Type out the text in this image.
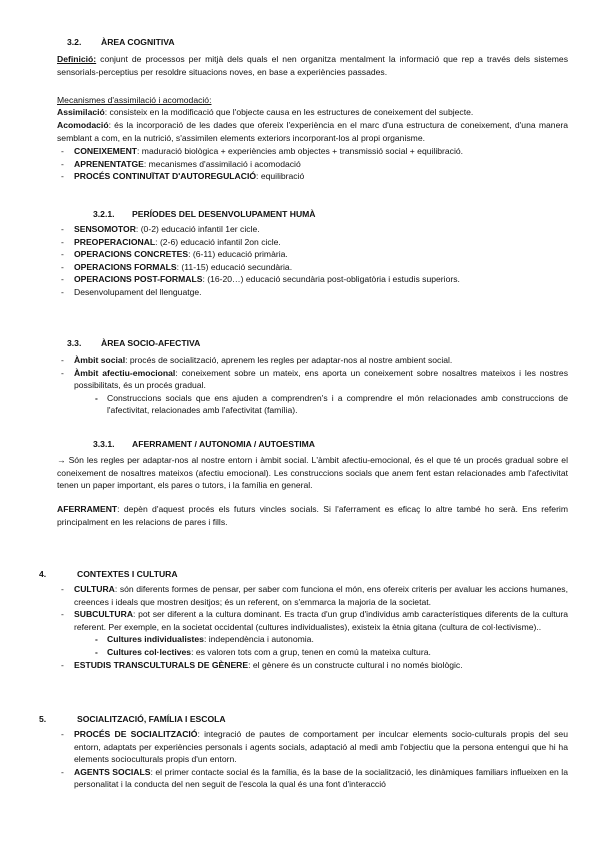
3.2. ÀREA COGNITIVA

Definició: conjunt de processos per mitjà dels quals el nen organitza mentalment la informació que rep a través dels sistemes sensorials-perceptius per resoldre situacions noves, en base a experiències passades.

Mecanismes d'assimilació i acomodació:

Assimilació: consisteix en la modificació que l'objecte causa en les estructures de coneixement del subjecte.

Acomodació: és la incorporació de les dades que ofereix l'experiència en el marc d'una estructura de coneixement, d'una manera semblant a com, en la nutrició, s'assimilen elements exteriors incorporant-los al propi organisme.

- CONEIXEMENT: maduració biològica + experiències amb objectes + transmissió social + equilibració.
- APRENENTATGE: mecanismes d'assimilació i acomodació
- PROCÉS CONTINUÏTAT D'AUTOREGULACIÓ: equilibració
3.2.1. PERÍODES DEL DESENVOLUPAMENT HUMÀ
- SENSOMOTOR: (0-2) educació infantil 1er cicle.
- PREOPERACIONAL: (2-6) educació infantil 2on cicle.
- OPERACIONS CONCRETES: (6-11) educació primària.
- OPERACIONS FORMALS: (11-15) educació secundària.
- OPERACIONS POST-FORMALS: (16-20…) educació secundària post-obligatòria i estudis superiors.
- Desenvolupament del llenguatge.
3.3. ÀREA SOCIO-AFECTIVA
- Àmbit social: procés de socialització, aprenem les regles per adaptar-nos al nostre ambient social.
- Àmbit afectiu-emocional: coneixement sobre un mateix, ens aporta un coneixement sobre nosaltres mateixos i les nostres possibilitats, és un procés gradual.
- Construccions socials que ens ajuden a comprendren's i a comprendre el món relacionades amb construccions de l'afectivitat, relacionades amb l'afectivitat (família).
3.3.1. AFERRAMENT / AUTONOMIA / AUTOESTIMA

→ Són les regles per adaptar-nos al nostre entorn i àmbit social. L'àmbit afectiu-emocional, és el que té un procés gradual sobre el coneixement de nosaltres mateixos (afectiu emocional). Les construccions socials que anem fent estan relacionades amb l'afectivitat tenen un paper important, els pares o tutors, i la família en general.

AFERRAMENT: depèn d'aquest procés els futurs vincles socials. Si l'aferrament es eficaç lo altre també ho serà. Ens referim principalment en les relacions de pares i fills.

4.	CONTEXTES I CULTURA
- CULTURA: són diferents formes de pensar, per saber com funciona el món, ens ofereix criteris per avaluar les accions humanes, creences i ideals que mostren desitjos; és un referent, on s'emmarca la majoria de la societat.
- SUBCULTURA: pot ser diferent a la cultura dominant. Es tracta d'un grup d'individus amb característiques diferents de la cultura referent. Per exemple, en la societat occidental (cultures individualistes), existeix la ètnia gitana (cultura de col·lectivisme)..
- Cultures individualistes: independència i autonomia.
- Cultures col·lectives: es valoren tots com a grup, tenen en comú la mateixa cultura.
- ESTUDIS TRANSCULTURALS DE GÈNERE: el gènere és un constructe cultural i no només biològic.
5.	SOCIALITZACIÓ, FAMÍLIA I ESCOLA
- PROCÉS DE SOCIALITZACIÓ: integració de pautes de comportament per inculcar elements socio-culturals propis del seu entorn, adaptats per experiències personals i agents socials, adaptació al medi amb l'objectiu que la persona entengui que hi ha elements socioculturals propis d'un entorn.
- AGENTS SOCIALS: el primer contacte social és la família, és la base de la socialització, les dinàmiques familiars influeixen en la personalitat i la conducta del nen seguit de l'escola la qual és una font d'interacció
